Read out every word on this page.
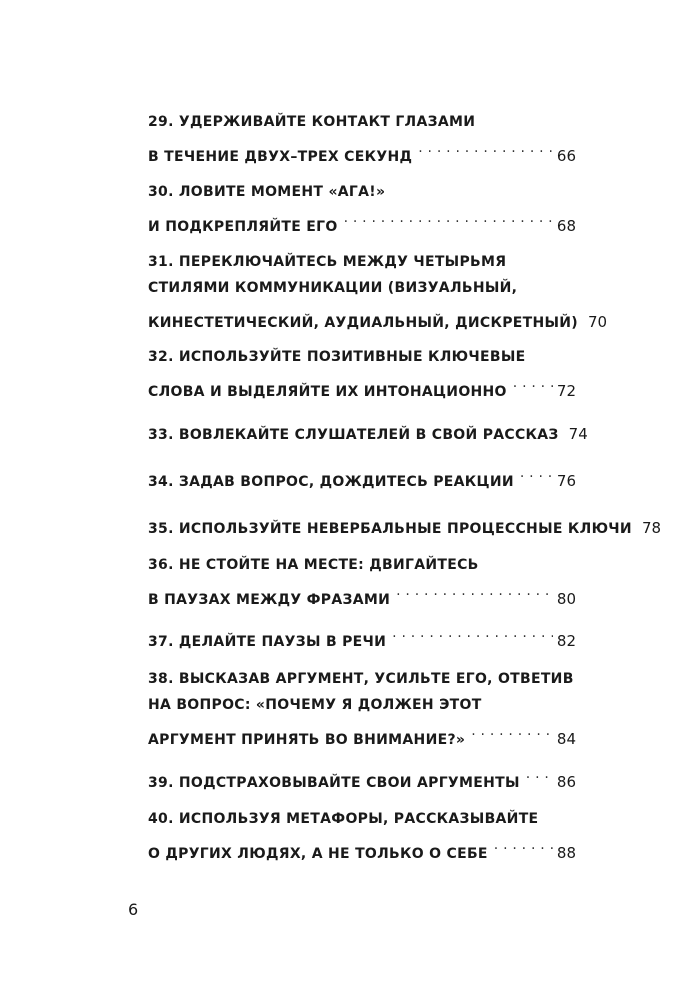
29. УДЕРЖИВАЙТЕ КОНТАКТ ГЛАЗАМИ
В ТЕЧЕНИЕ ДВУХ–ТРЕХ СЕКУНД . . .	66
30. ЛОВИТЕ МОМЕНТ «АГА!»
И ПОДКРЕПЛЯЙТЕ ЕГО . . .	68
31. ПЕРЕКЛЮЧАЙТЕСЬ МЕЖДУ ЧЕТЫРЬМЯ
СТИЛЯМИ КОММУНИКАЦИИ (ВИЗУАЛЬНЫЙ,
КИНЕСТЕТИЧЕСКИЙ, АУДИАЛЬНЫЙ, ДИСКРЕТНЫЙ) 70
32. ИСПОЛЬЗУЙТЕ ПОЗИТИВНЫЕ КЛЮЧЕВЫЕ
СЛОВА И ВЫДЕЛЯЙТЕ ИХ ИНТОНАЦИОННО . . .	72
33. ВОВЛЕКАЙТЕ СЛУШАТЕЛЕЙ В СВОЙ РАССКАЗ 74
34. ЗАДАВ ВОПРОС, ДОЖДИТЕСЬ РЕАКЦИИ . . .	76
35. ИСПОЛЬЗУЙТЕ НЕВЕРБАЛЬНЫЕ ПРОЦЕССНЫЕ КЛЮЧИ 78
36. НЕ СТОЙТЕ НА МЕСТЕ: ДВИГАЙТЕСЬ
В ПАУЗАХ МЕЖДУ ФРАЗАМИ . . .	80
37. ДЕЛАЙТЕ ПАУЗЫ В РЕЧИ . . .	82
38. ВЫСКАЗАВ АРГУМЕНТ, УСИЛЬТЕ ЕГО, ОТВЕТИВ
НА ВОПРОС: «ПОЧЕМУ Я ДОЛЖЕН ЭТОТ
АРГУМЕНТ ПРИНЯТЬ ВО ВНИМАНИЕ?» . . .	84
39. ПОДСТРАХОВЫВАЙТЕ СВОИ АРГУМЕНТЫ . . . 86
40. ИСПОЛЬЗУЯ МЕТАФОРЫ, РАССКАЗЫВАЙТЕ
О ДРУГИХ ЛЮДЯХ, А НЕ ТОЛЬКО О СЕБЕ . . .	88
6
